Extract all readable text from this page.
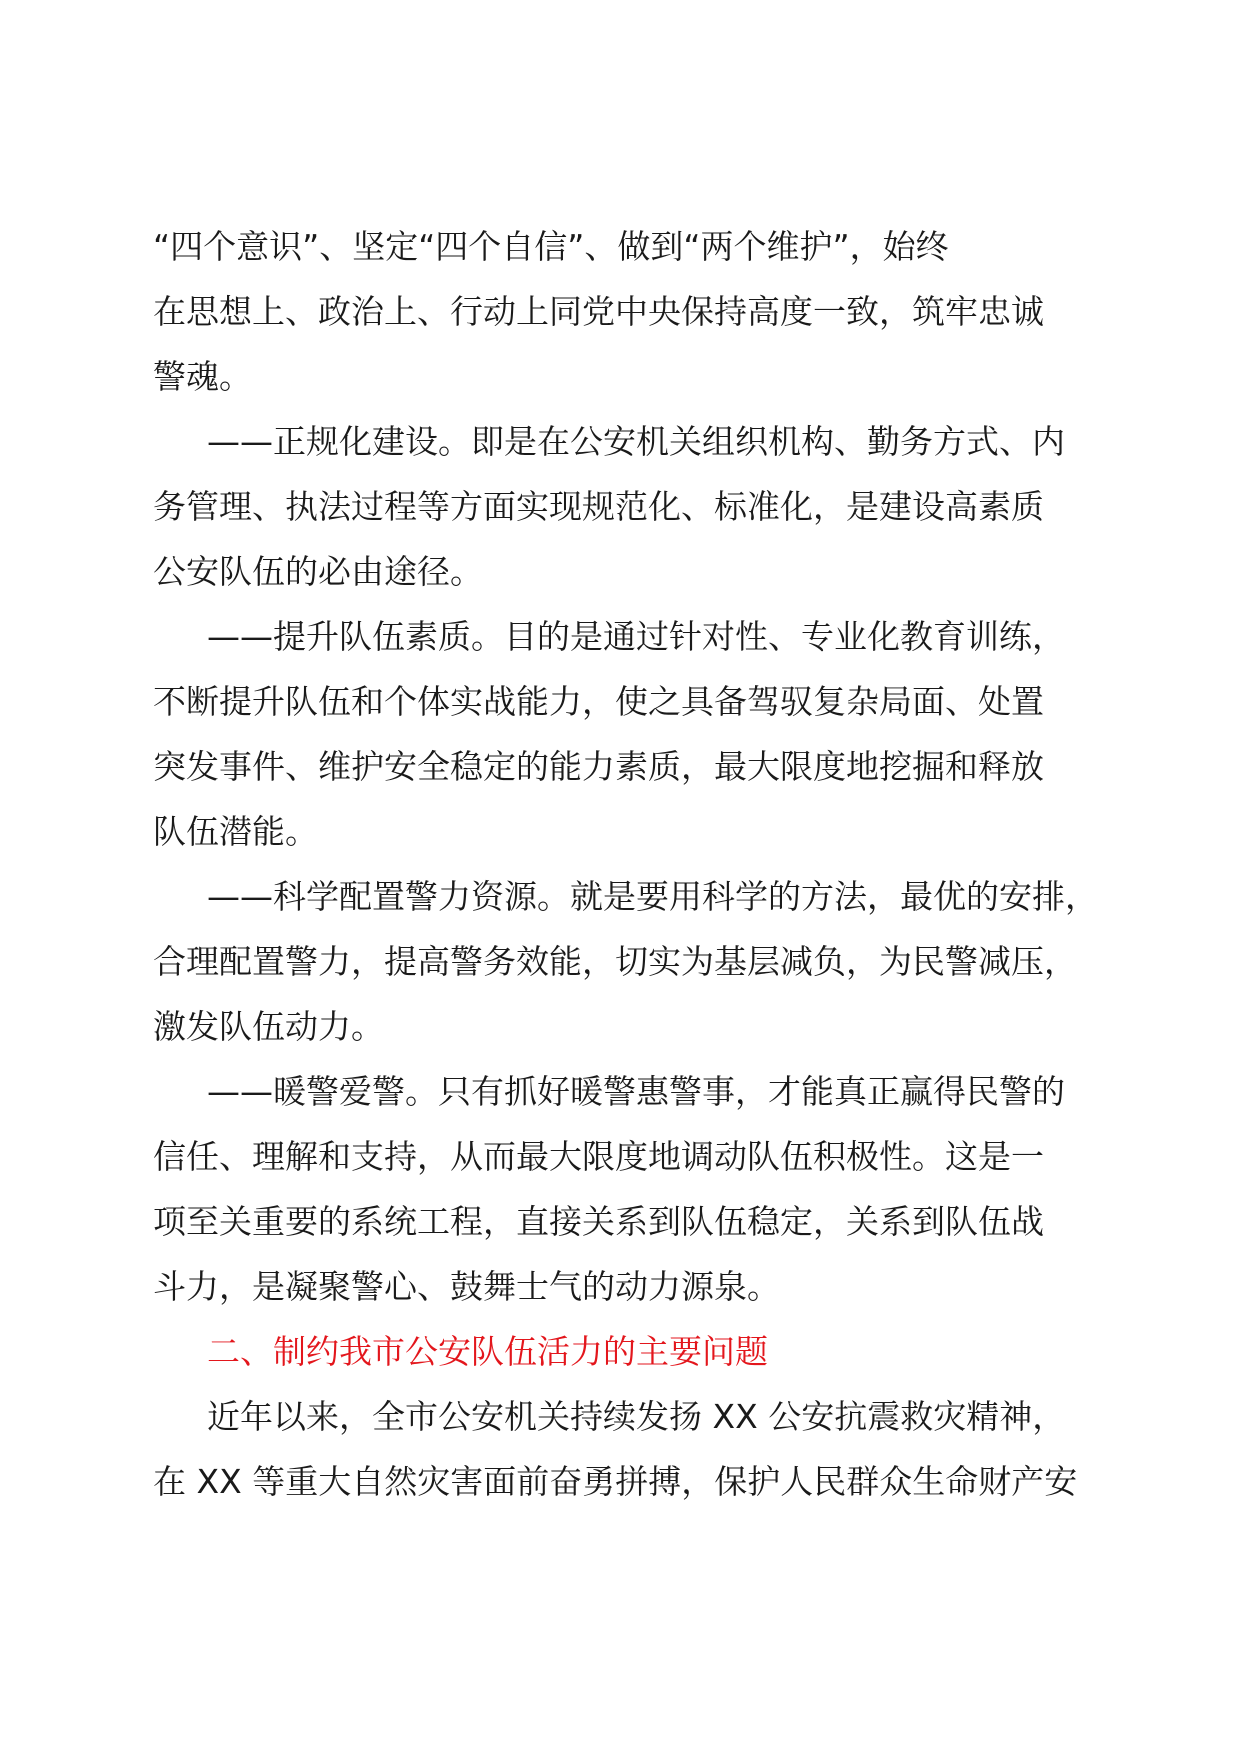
“四个意识”、坚定“四个自信”、做到“两个维护”，始终
在思想上、政治上、行动上同党中央保持高度一致，筑牢忠诚
警魂。
——正规化建设。即是在公安机关组织机构、勤务方式、内
务管理、执法过程等方面实现规范化、标准化，是建设高素质
公安队伍的必由途径。
——提升队伍素质。目的是通过针对性、专业化教育训练，
不断提升队伍和个体实战能力，使之具备驾驭复杂局面、处置
突发事件、维护安全稳定的能力素质，最大限度地挖掘和释放
队伍潜能。
——科学配置警力资源。就是要用科学的方法，最优的安排，
合理配置警力，提高警务效能，切实为基层减负，为民警减压，
激发队伍动力。
——暖警爱警。只有抓好暖警惠警事，才能真正赢得民警的
信任、理解和支持，从而最大限度地调动队伍积极性。这是一
项至关重要的系统工程，直接关系到队伍稳定，关系到队伍战
斗力，是凝聚警心、鼓舞士气的动力源泉。
二、制约我市公安队伍活力的主要问题
近年以来，全市公安机关持续发扬 XX 公安抗震救灾精神，
在 XX 等重大自然灾害面前奋勇拼搏，保护人民群众生命财产安
